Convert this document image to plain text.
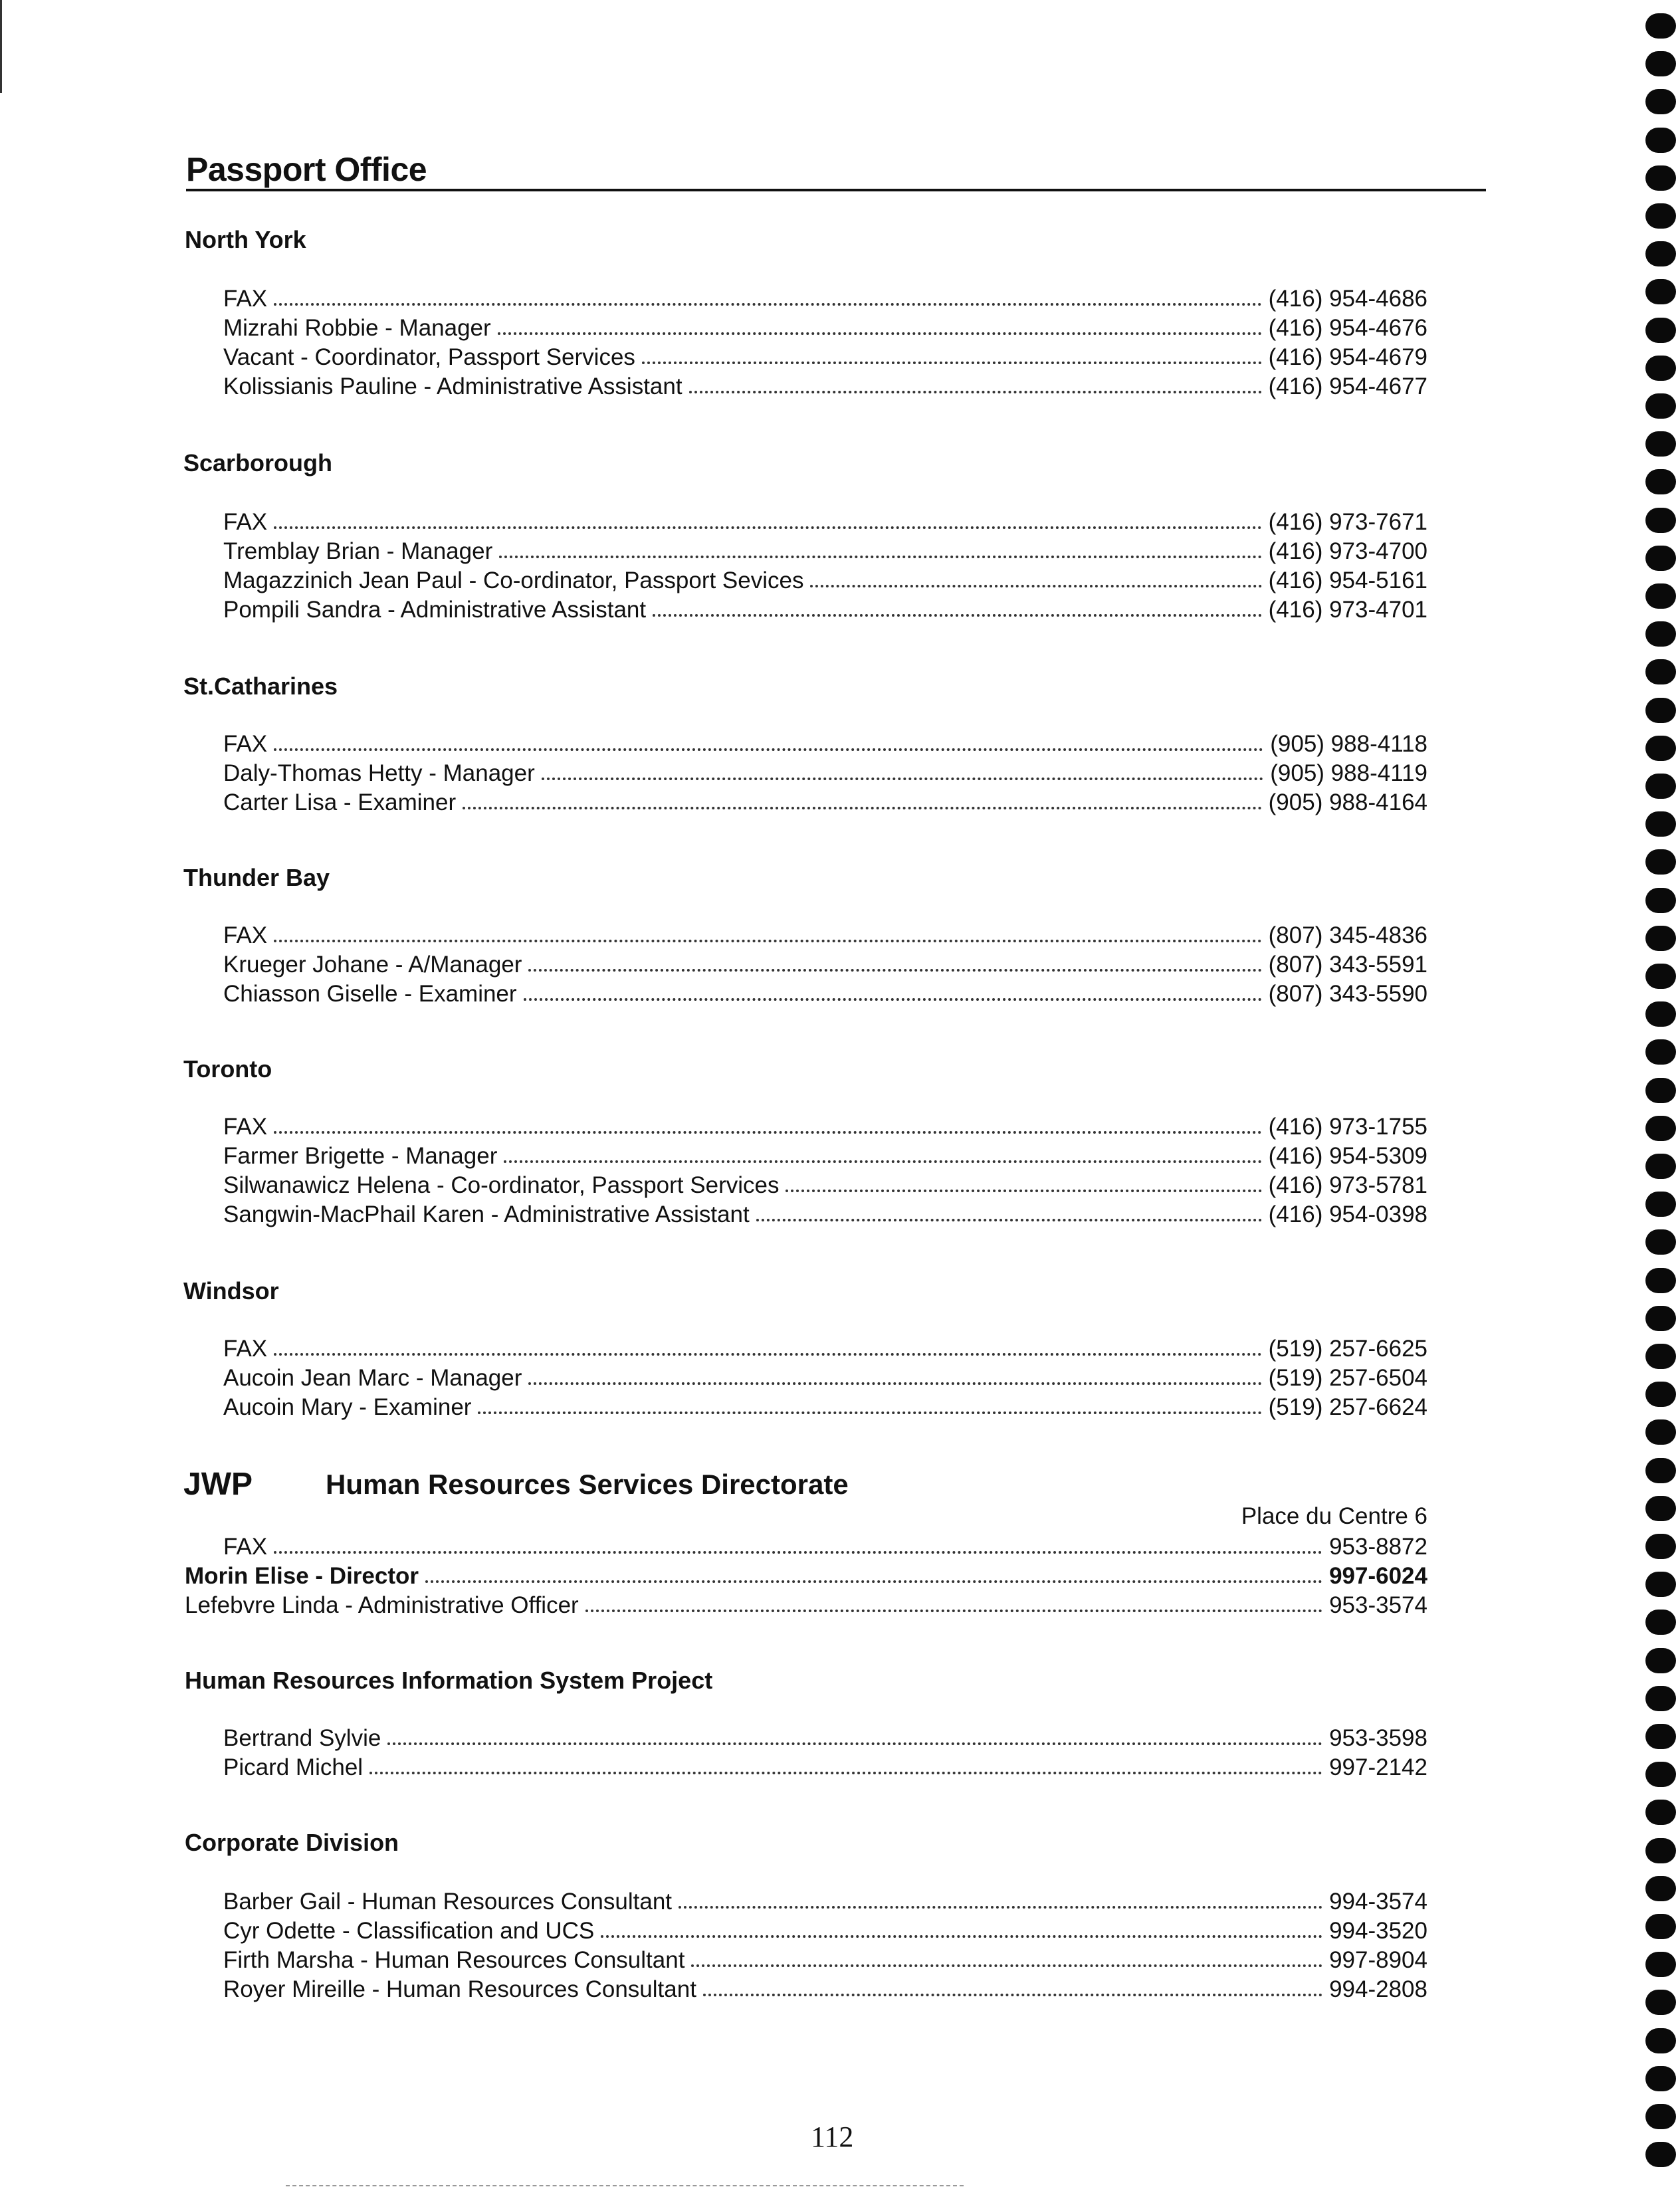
Passport Office
North York
FAX	(416) 954-4686
Mizrahi Robbie - Manager	(416) 954-4676
Vacant - Coordinator, Passport Services	(416) 954-4679
Kolissianis Pauline - Administrative Assistant	(416) 954-4677
Scarborough
FAX	(416) 973-7671
Tremblay Brian - Manager	(416) 973-4700
Magazzinich Jean Paul - Co-ordinator, Passport Sevices	(416) 954-5161
Pompili Sandra - Administrative Assistant	(416) 973-4701
St.Catharines
FAX	(905) 988-4118
Daly-Thomas Hetty - Manager	(905) 988-4119
Carter Lisa - Examiner	(905) 988-4164
Thunder Bay
FAX	(807) 345-4836
Krueger Johane - A/Manager	(807) 343-5591
Chiasson Giselle - Examiner	(807) 343-5590
Toronto
FAX	(416) 973-1755
Farmer Brigette - Manager	(416) 954-5309
Silwanawicz Helena - Co-ordinator, Passport Services	(416) 973-5781
Sangwin-MacPhail Karen - Administrative Assistant	(416) 954-0398
Windsor
FAX	(519) 257-6625
Aucoin Jean Marc - Manager	(519) 257-6504
Aucoin Mary - Examiner	(519) 257-6624
JWP	Human Resources Services Directorate
Place du Centre 6
FAX	953-8872
Morin Elise - Director	997-6024
Lefebvre Linda - Administrative Officer	953-3574
Human Resources Information System Project
Bertrand Sylvie	953-3598
Picard Michel	997-2142
Corporate Division
Barber Gail - Human Resources Consultant	994-3574
Cyr Odette - Classification and UCS	994-3520
Firth Marsha - Human Resources Consultant	997-8904
Royer Mireille - Human Resources Consultant	994-2808
112
